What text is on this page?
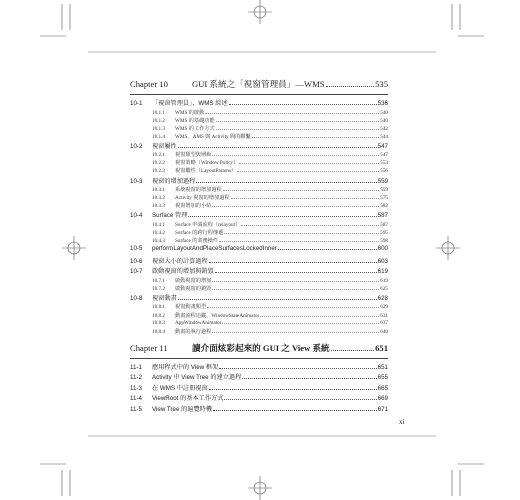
Chapter 10	GUI 系統之「視窗管理員」—WMS	535
10-1	「視窗管理員」，WMS 綜述	536
10.1.1	WMS 的啟動	540
10.1.2	WMS 的基礎功能	540
10.1.3	WMS 的工作方式	542
10.1.4	WMS、AMS 與 Activity 間的聯繫	544
10-2	視窗屬性	547
10.2.1	視窗類型與層級	547
10.2.2	視窗策略（Window Policy）	553
10.2.3	視窗屬性（LayoutParams）	556
10-3	視窗的增加過程	559
10.3.1	系統視窗的增加過程	559
10.3.2	Activity 視窗的增加過程	575
10.3.3	視窗增加的小結	582
10-4	Surface 管理	587
10.4.1	Surface 申請流程（relayout）	587
10.4.2	Surface 的跨行程傳遞	595
10.4.3	Surface 的業務操作	598
10-5	performLayoutAndPlaceSurfacesLockedInner	600
10-6	視窗大小的計算過程	603
10-7	啟動視窗的增加與銷毀	619
10.7.1	啟動視窗的增加	619
10.7.2	啟動視窗的銷毀	625
10-8	視窗動畫	628
10.8.1	視窗動畫類型	629
10.8.2	動畫流程追蹤，WindowStateAnimator	631
10.8.3	AppWindowAnimator	637
10.8.4	動畫的執行過程	640
Chapter 11	讀介面炫彩起來的 GUI 之 View 系統	651
11-1	應用程式中的 View 框架	651
11-2	Activity 中 View Tree 的建立過程	655
11-3	在 WMS 中註冊視窗	665
11-4	ViewRoot 的基本工作方式	669
11-5	View Tree 的遍覽時機	671
xi
